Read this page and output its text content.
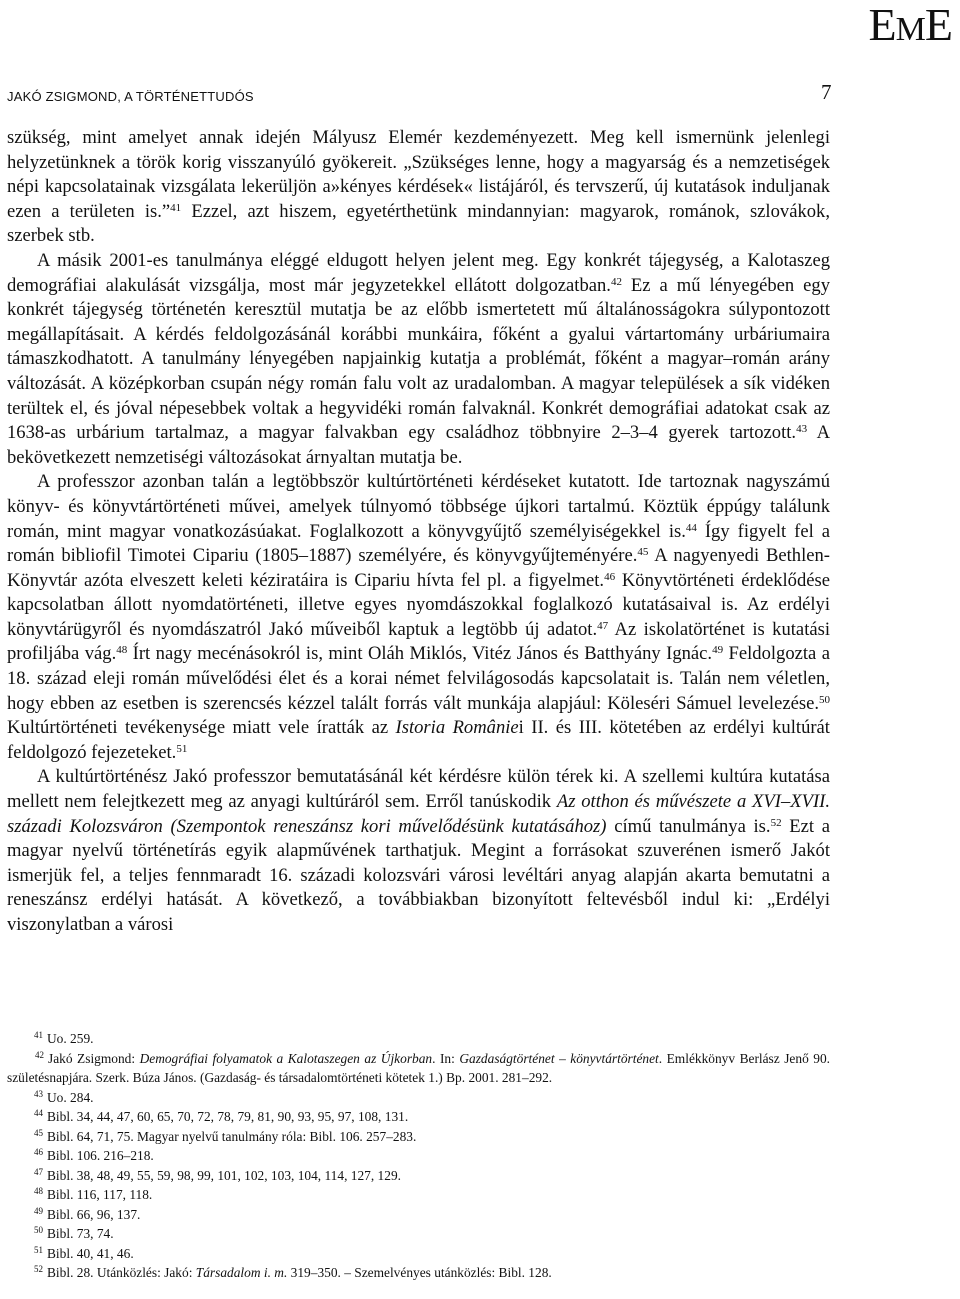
EME
JAKÓ ZSIGMOND, A TÖRTÉNETTUDÓS	7

szükség, mint amelyet annak idején Mályusz Elemér kezdeményezett. Meg kell ismernünk jelenlegi helyzetünknek a török korig visszanyúló gyökereit. „Szükséges lenne, hogy a magyarság és a nemzetiségek népi kapcsolatainak vizsgálata lekerüljön a»kényes kérdések« listájáról, és tervszerű, új kutatások induljanak ezen a területen is.”$^{41}$ Ezzel, azt hiszem, egyetérthetünk mindannyian: magyarok, románok, szlovákok, szerbek stb.

A másik 2001-es tanulmánya eléggé eldugott helyen jelent meg. Egy konkrét tájegység, a Kalotaszeg demográfiai alakulását vizsgálja, most már jegyzetekkel ellátott dolgozatban.$^{42}$ Ez a mű lényegében egy konkrét tájegység történetén keresztül mutatja be az előbb ismertetett mű általánosságokra súlypontozott megállapításait. A kérdés feldolgozásánál korábbi munkáira, főként a gyalui vártartomány urbáriumaira támaszkodhatott. A tanulmány lényegében napjainkig kutatja a problémát, főként a magyar–román arány változását. A középkorban csupán négy román falu volt az uradalomban. A magyar települések a sík vidéken terültek el, és jóval népesebbek voltak a hegyvidéki román falvaknál. Konkrét demográfiai adatokat csak az 1638-as urbárium tartalmaz, a magyar falvakban egy családhoz többnyire 2–3–4 gyerek tartozott.$^{43}$ A bekövetkezett nemzetiségi változásokat árnyaltan mutatja be.

A professzor azonban talán a legtöbbször kultúrtörténeti kérdéseket kutatott. Ide tartoznak nagyszámú könyv- és könyvtártörténeti művei, amelyek túlnyomó többsége újkori tartalmú. Köztük éppúgy találunk román, mint magyar vonatkozásúakat. Foglalkozott a könyvgyűjtő személyiségekkel is.$^{44}$ Így figyelt fel a román bibliofil Timotei Cipariu (1805–1887) személyére, és könyvgyűjteményére.$^{45}$ A nagyenyedi Bethlen-Könyvtár azóta elveszett keleti kéziratáira is Cipariu hívta fel pl. a figyelmet.$^{46}$ Könyvtörténeti érdeklődése kapcsolatban állott nyomdatörténeti, illetve egyes nyomdászokkal foglalkozó kutatásaival is. Az erdélyi könyvtárügyről és nyomdászatról Jakó műveiből kaptuk a legtöbb új adatot.$^{47}$ Az iskolatörténet is kutatási profiljába vág.$^{48}$ Írt nagy mecénásokról is, mint Oláh Miklós, Vitéz János és Batthyány Ignác.$^{49}$ Feldolgozta a 18. század eleji román művelődési élet és a korai német felvilágosodás kapcsolatait is. Talán nem véletlen, hogy ebben az esetben is szerencsés kézzel talált forrás vált munkája alapjául: Köleséri Sámuel levelezése.$^{50}$ Kultúrtörténeti tevékenysége miatt vele íratták az Istoria României II. és III. kötetében az erdélyi kultúrát feldolgozó fejezeteket.$^{51}$

A kultúrtörténész Jakó professzor bemutatásánál két kérdésre külön térek ki. A szellemi kultúra kutatása mellett nem felejtkezett meg az anyagi kultúráról sem. Erről tanúskodik Az otthon és művészete a XVI–XVII. századi Kolozsváron (Szempontok reneszánsz kori művelődésünk kutatásához) című tanulmánya is.$^{52}$ Ezt a magyar nyelvű történetírás egyik alapművének tarthatjuk. Megint a forrásokat szuverénen ismerő Jakót ismerjük fel, a teljes fennmaradt 16. századi kolozsvári városi levéltári anyag alapján akarta bemutatni a reneszánsz erdélyi hatását. A következő, a továbbiakban bizonyított feltevésből indul ki: „Erdélyi viszonylatban a városi

$^{41}$ Uo. 259.

$^{42}$ Jakó Zsigmond: Demográfiai folyamatok a Kalotaszegen az Újkorban. In: Gazdaságtörténet – könyvtártörténet. Emlékkönyv Berlász Jenő 90. születésnapjára. Szerk. Búza János. (Gazdaság- és társadalomtörténeti kötetek 1.) Bp. 2001. 281–292.

$^{43}$ Uo. 284.

$^{44}$ Bibl. 34, 44, 47, 60, 65, 70, 72, 78, 79, 81, 90, 93, 95, 97, 108, 131.

$^{45}$ Bibl. 64, 71, 75. Magyar nyelvű tanulmány róla: Bibl. 106. 257–283.

$^{46}$ Bibl. 106. 216–218.

$^{47}$ Bibl. 38, 48, 49, 55, 59, 98, 99, 101, 102, 103, 104, 114, 127, 129.

$^{48}$ Bibl. 116, 117, 118.

$^{49}$ Bibl. 66, 96, 137.

$^{50}$ Bibl. 73, 74.

$^{51}$ Bibl. 40, 41, 46.

$^{52}$ Bibl. 28. Utánközlés: Jakó: Társadalom i. m. 319–350. – Szemelvényes utánközlés: Bibl. 128.
